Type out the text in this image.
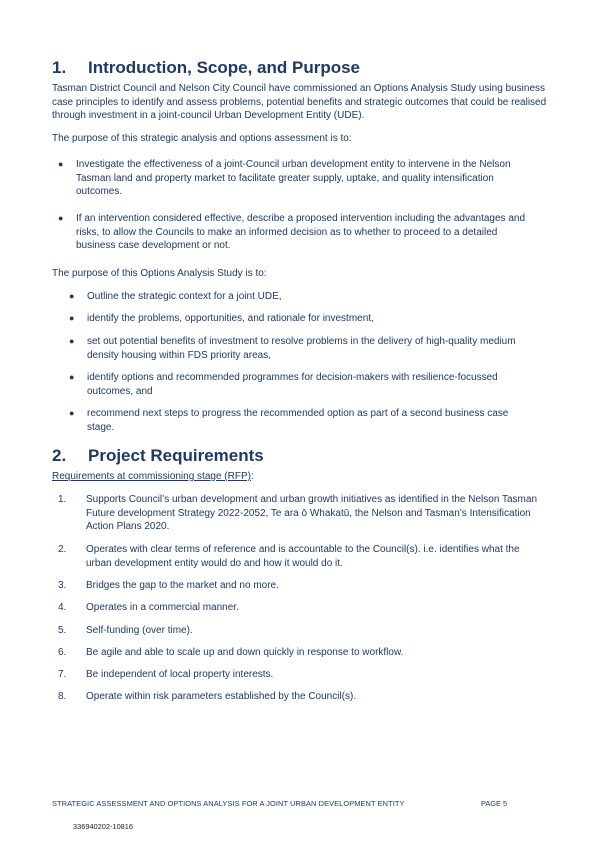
1. Introduction, Scope, and Purpose

Tasman District Council and Nelson City Council have commissioned an Options Analysis Study using business case principles to identify and assess problems, potential benefits and strategic outcomes that could be realised through investment in a joint-council Urban Development Entity (UDE).

The purpose of this strategic analysis and options assessment is to:

● Investigate the effectiveness of a joint-Council urban development entity to intervene in the Nelson Tasman land and property market to facilitate greater supply, uptake, and quality intensification outcomes.
● If an intervention considered effective, describe a proposed intervention including the advantages and risks, to allow the Councils to make an informed decision as to whether to proceed to a detailed business case development or not.

The purpose of this Options Analysis Study is to:

● Outline the strategic context for a joint UDE,
● identify the problems, opportunities, and rationale for investment,
● set out potential benefits of investment to resolve problems in the delivery of high-quality medium density housing within FDS priority areas,
● identify options and recommended programmes for decision-makers with resilience-focussed outcomes, and
● recommend next steps to progress the recommended option as part of a second business case stage.
2. Project Requirements

Requirements at commissioning stage (RFP):

1. Supports Council’s urban development and urban growth initiatives as identified in the Nelson Tasman Future development Strategy 2022-2052, Te ara ō Whakatū, the Nelson and Tasman’s Intensification Action Plans 2020.
2. Operates with clear terms of reference and is accountable to the Council(s). i.e. identifies what the urban development entity would do and how it would do it.
3. Bridges the gap to the market and no more.
4. Operates in a commercial manner.
5. Self-funding (over time).
6. Be agile and able to scale up and down quickly in response to workflow.
7. Be independent of local property interests.
8. Operate within risk parameters established by the Council(s).
STRATEGIC ASSESSMENT AND OPTIONS ANALYSIS FOR A JOINT URBAN DEVELOPMENT ENTITY	PAGE 5
336940202-10816
